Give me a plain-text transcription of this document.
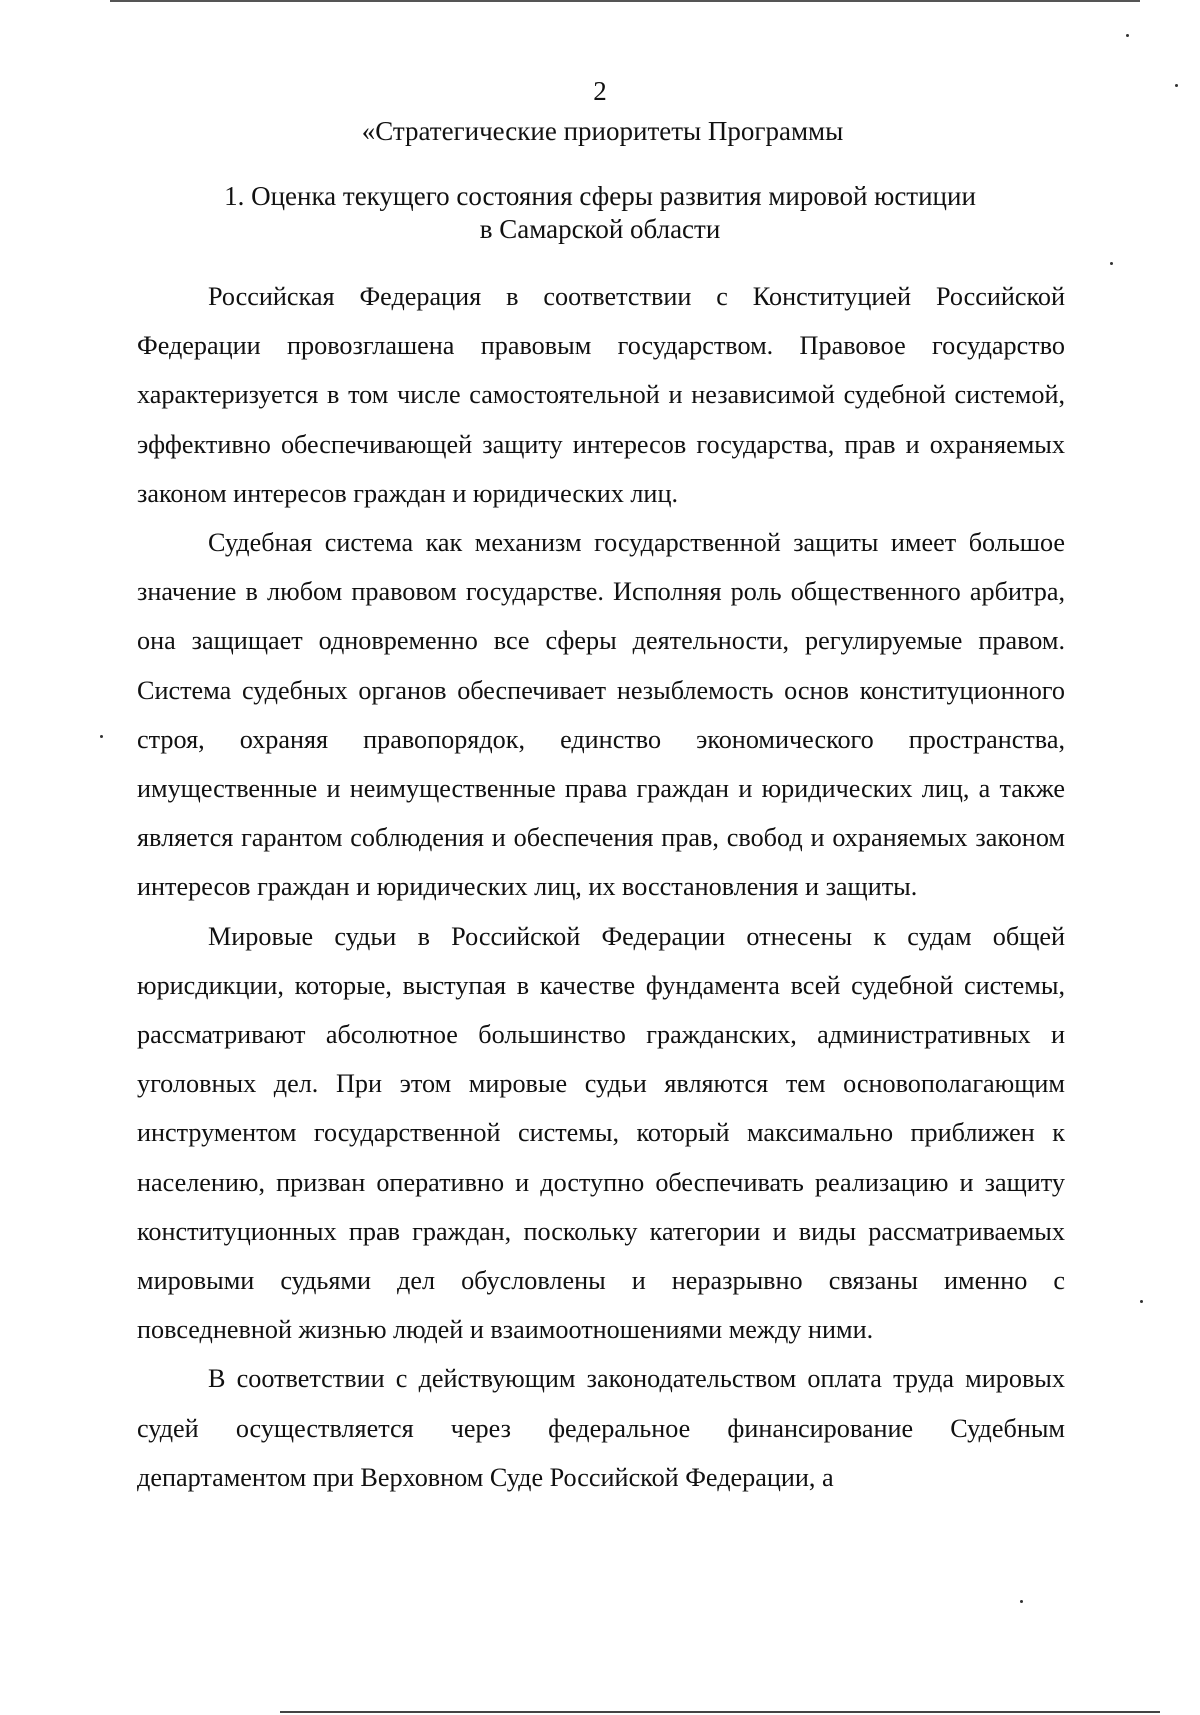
2
«Стратегические приоритеты Программы
1. Оценка текущего состояния сферы развития мировой юстиции
в Самарской области

Российская Федерация в соответствии с Конституцией Российской Федерации провозглашена правовым государством. Правовое государство характеризуется в том числе самостоятельной и независимой судебной системой, эффективно обеспечивающей защиту интересов государства, прав и охраняемых законом интересов граждан и юридических лиц.

Судебная система как механизм государственной защиты имеет большое значение в любом правовом государстве. Исполняя роль общественного арбитра, она защищает одновременно все сферы деятельности, регулируемые правом. Система судебных органов обеспечивает незыблемость основ конституционного строя, охраняя правопорядок, единство экономического пространства, имущественные и неимущественные права граждан и юридических лиц, а также является гарантом соблюдения и обеспечения прав, свобод и охраняемых законом интересов граждан и юридических лиц, их восстановления и защиты.

Мировые судьи в Российской Федерации отнесены к судам общей юрисдикции, которые, выступая в качестве фундамента всей судебной системы, рассматривают абсолютное большинство гражданских, административных и уголовных дел. При этом мировые судьи являются тем основополагающим инструментом государственной системы, который максимально приближен к населению, призван оперативно и доступно обеспечивать реализацию и защиту конституционных прав граждан, поскольку категории и виды рассматриваемых мировыми судьями дел обусловлены и неразрывно связаны именно с повседневной жизнью людей и взаимоотношениями между ними.

В соответствии с действующим законодательством оплата труда мировых судей осуществляется через федеральное финансирование Судебным департаментом при Верховном Суде Российской Федерации, а
